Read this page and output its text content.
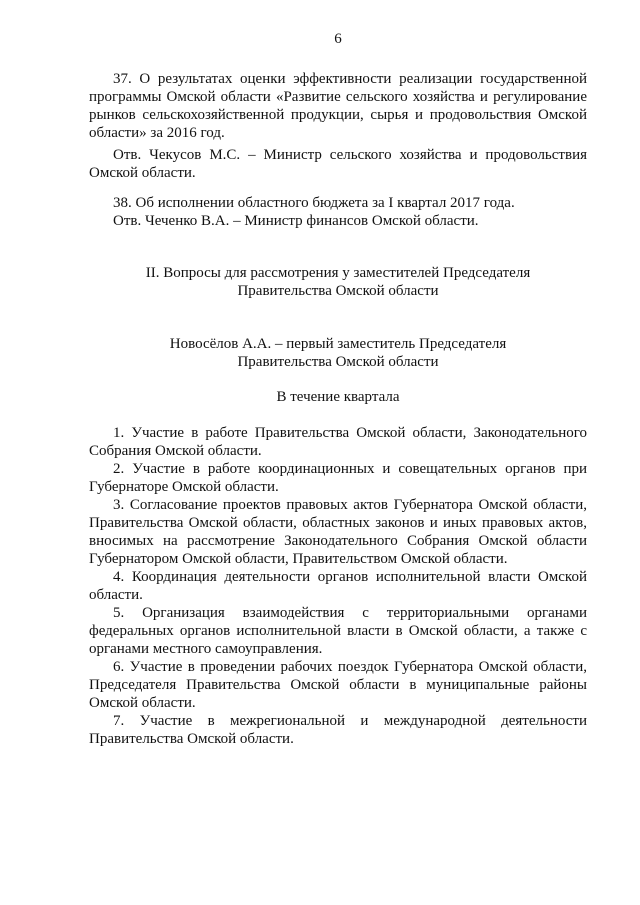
6

37. О результатах оценки эффективности реализации государственной программы Омской области «Развитие сельского хозяйства и регулирование рынков сельскохозяйственной продукции, сырья и продовольствия Омской области» за 2016 год.

Отв. Чекусов М.С. – Министр сельского хозяйства и продовольствия Омской области.

38. Об исполнении областного бюджета за I квартал 2017 года.

Отв. Чеченко В.А. – Министр финансов Омской области.

II. Вопросы для рассмотрения у заместителей Председателя Правительства Омской области

Новосёлов А.А. – первый заместитель Председателя Правительства Омской области

В течение квартала

1. Участие в работе Правительства Омской области, Законодательного Собрания Омской области.

2. Участие в работе координационных и совещательных органов при Губернаторе Омской области.

3. Согласование проектов правовых актов Губернатора Омской области, Правительства Омской области, областных законов и иных правовых актов, вносимых на рассмотрение Законодательного Собрания Омской области Губернатором Омской области, Правительством Омской области.

4. Координация деятельности органов исполнительной власти Омской области.

5. Организация взаимодействия с территориальными органами федеральных органов исполнительной власти в Омской области, а также с органами местного самоуправления.

6. Участие в проведении рабочих поездок Губернатора Омской области, Председателя Правительства Омской области в муниципальные районы Омской области.

7. Участие в межрегиональной и международной деятельности Правительства Омской области.
